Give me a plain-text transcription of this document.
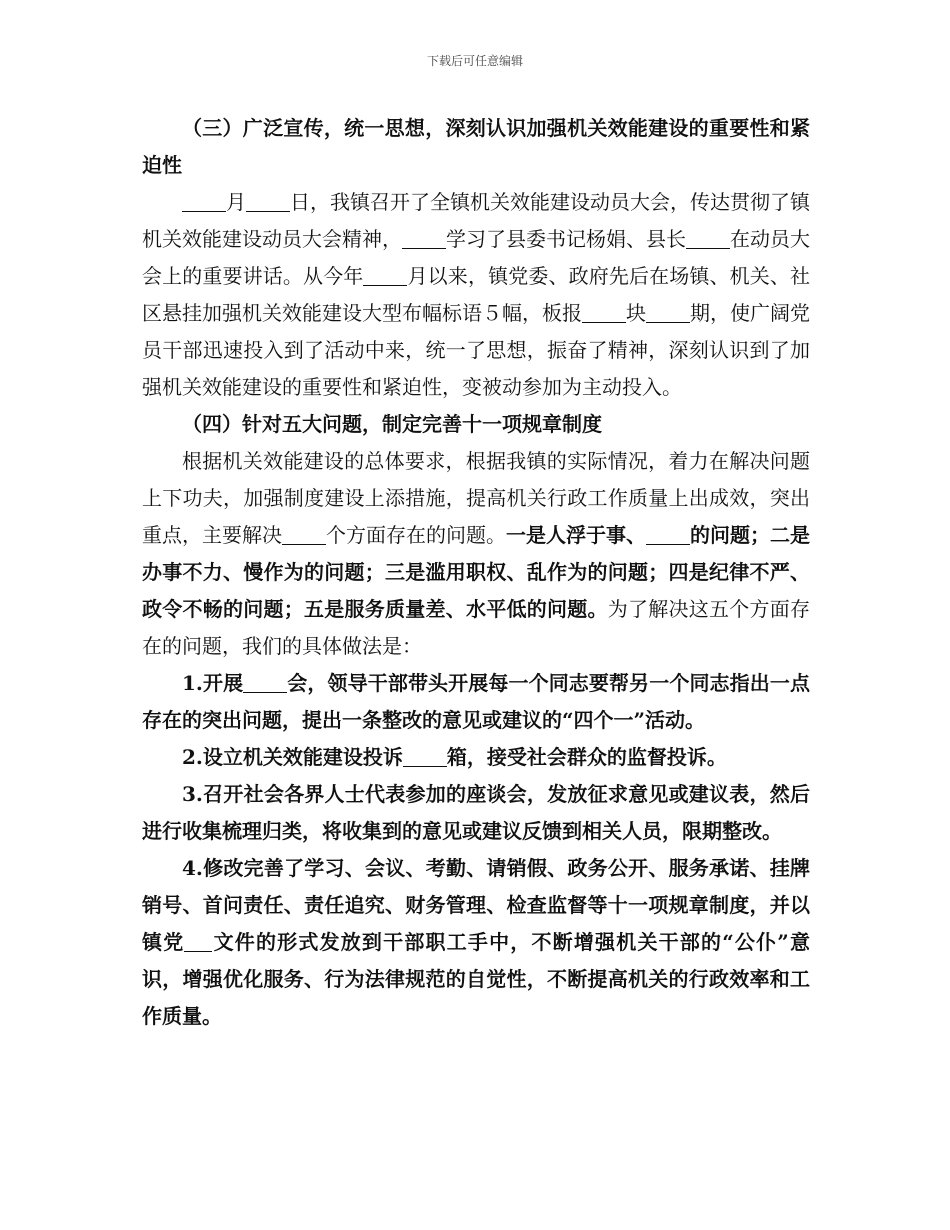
下载后可任意编辑

（三）广泛宣传，统一思想，深刻认识加强机关效能建设的重要性和紧迫性

月 日，我镇召开了全镇机关效能建设动员大会，传达贯彻了镇机关效能建设动员大会精神， 学习了县委书记杨娟、县长 在动员大会上的重要讲话。从今年 月以来，镇党委、政府先后在场镇、机关、社区悬挂加强机关效能建设大型布幅标语５幅，板报 块 期，使广阔党员干部迅速投入到了活动中来，统一了思想，振奋了精神，深刻认识到了加强机关效能建设的重要性和紧迫性，变被动参加为主动投入。

（四）针对五大问题，制定完善十一项规章制度

根据机关效能建设的总体要求，根据我镇的实际情况，着力在解决问题上下功夫，加强制度建设上添措施，提高机关行政工作质量上出成效，突出重点，主要解决 个方面存在的问题。一是人浮于事、 的问题；二是办事不力、慢作为的问题；三是滥用职权、乱作为的问题；四是纪律不严、政令不畅的问题；五是服务质量差、水平低的问题。为了解决这五个方面存在的问题，我们的具体做法是：

1.开展 会，领导干部带头开展每一个同志要帮另一个同志指出一点存在的突出问题，提出一条整改的意见或建议的“四个一”活动。

2.设立机关效能建设投诉 箱，接受社会群众的监督投诉。

3.召开社会各界人士代表参加的座谈会，发放征求意见或建议表，然后进行收集梳理归类，将收集到的意见或建议反馈到相关人员，限期整改。

4.修改完善了学习、会议、考勤、请销假、政务公开、服务承诺、挂牌销号、首问责任、责任追究、财务管理、检查监督等十一项规章制度，并以镇党 文件的形式发放到干部职工手中，不断增强机关干部的“公仆”意识，增强优化服务、行为法律规范的自觉性，不断提高机关的行政效率和工作质量。
